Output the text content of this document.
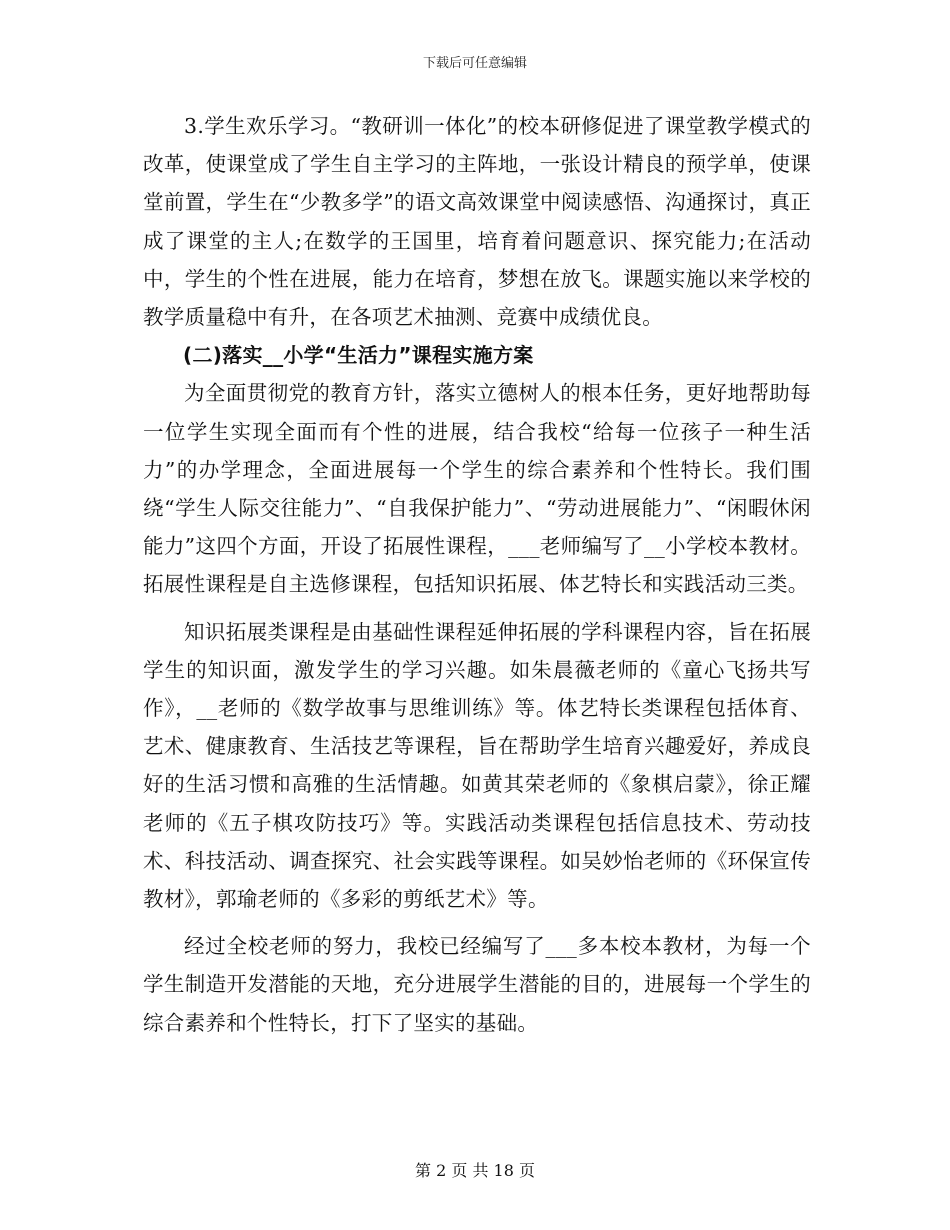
下载后可任意编辑

3.学生欢乐学习。“教研训一体化”的校本研修促进了课堂教学模式的改革，使课堂成了学生自主学习的主阵地，一张设计精良的预学单，使课堂前置，学生在“少教多学”的语文高效课堂中阅读感悟、沟通探讨，真正成了课堂的主人;在数学的王国里，培育着问题意识、探究能力;在活动中，学生的个性在进展，能力在培育，梦想在放飞。课题实施以来学校的教学质量稳中有升，在各项艺术抽测、竞赛中成绩优良。

(二)落实__小学“生活力”课程实施方案

为全面贯彻党的教育方针，落实立德树人的根本任务，更好地帮助每一位学生实现全面而有个性的进展，结合我校“给每一位孩子一种生活力”的办学理念，全面进展每一个学生的综合素养和个性特长。我们围绕“学生人际交往能力”、“自我保护能力”、“劳动进展能力”、“闲暇休闲能力”这四个方面，开设了拓展性课程，___老师编写了__小学校本教材。拓展性课程是自主选修课程，包括知识拓展、体艺特长和实践活动三类。

知识拓展类课程是由基础性课程延伸拓展的学科课程内容，旨在拓展学生的知识面，激发学生的学习兴趣。如朱晨薇老师的《童心飞扬共写作》，__老师的《数学故事与思维训练》等。体艺特长类课程包括体育、艺术、健康教育、生活技艺等课程，旨在帮助学生培育兴趣爱好，养成良好的生活习惯和高雅的生活情趣。如黄其荣老师的《象棋启蒙》，徐正耀老师的《五子棋攻防技巧》等。实践活动类课程包括信息技术、劳动技术、科技活动、调查探究、社会实践等课程。如吴妙怡老师的《环保宣传教材》，郭瑜老师的《多彩的剪纸艺术》等。

经过全校老师的努力，我校已经编写了___多本校本教材，为每一个学生制造开发潜能的天地，充分进展学生潜能的目的，进展每一个学生的综合素养和个性特长，打下了坚实的基础。

第 2 页 共 18 页
